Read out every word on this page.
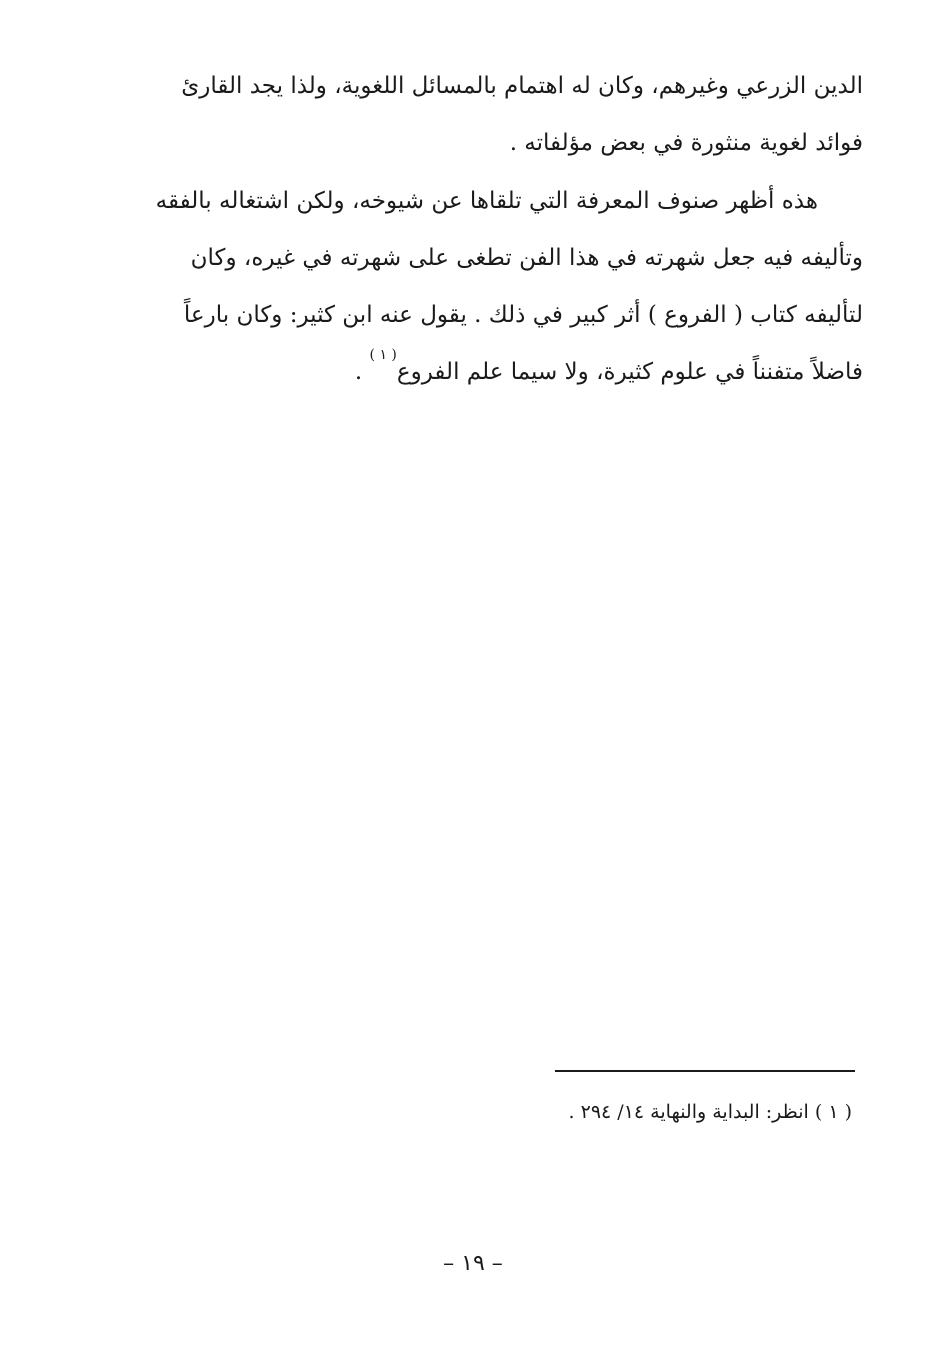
الدين الزرعي وغيرهم، وكان له اهتمام بالمسائل اللغوية، ولذا يجد القارئ
فوائد لغوية منثورة في بعض مؤلفاته .
هذه أظهر صنوف المعرفة التي تلقاها عن شيوخه، ولكن اشتغاله بالفقه
وتأليفه فيه جعل شهرته في هذا الفن تطغى على شهرته في غيره، وكان
لتأليفه كتاب ( الفروع ) أثر كبير في ذلك . يقول عنه ابن كثير: وكان بارعاً
فاضلاً متفنناً في علوم كثيرة، ولا سيما علم الفروع$^{( ١ )}$ .
( ١ ) انظر: البداية والنهاية ١٤/ ٢٩٤ .
– ١٩ –
